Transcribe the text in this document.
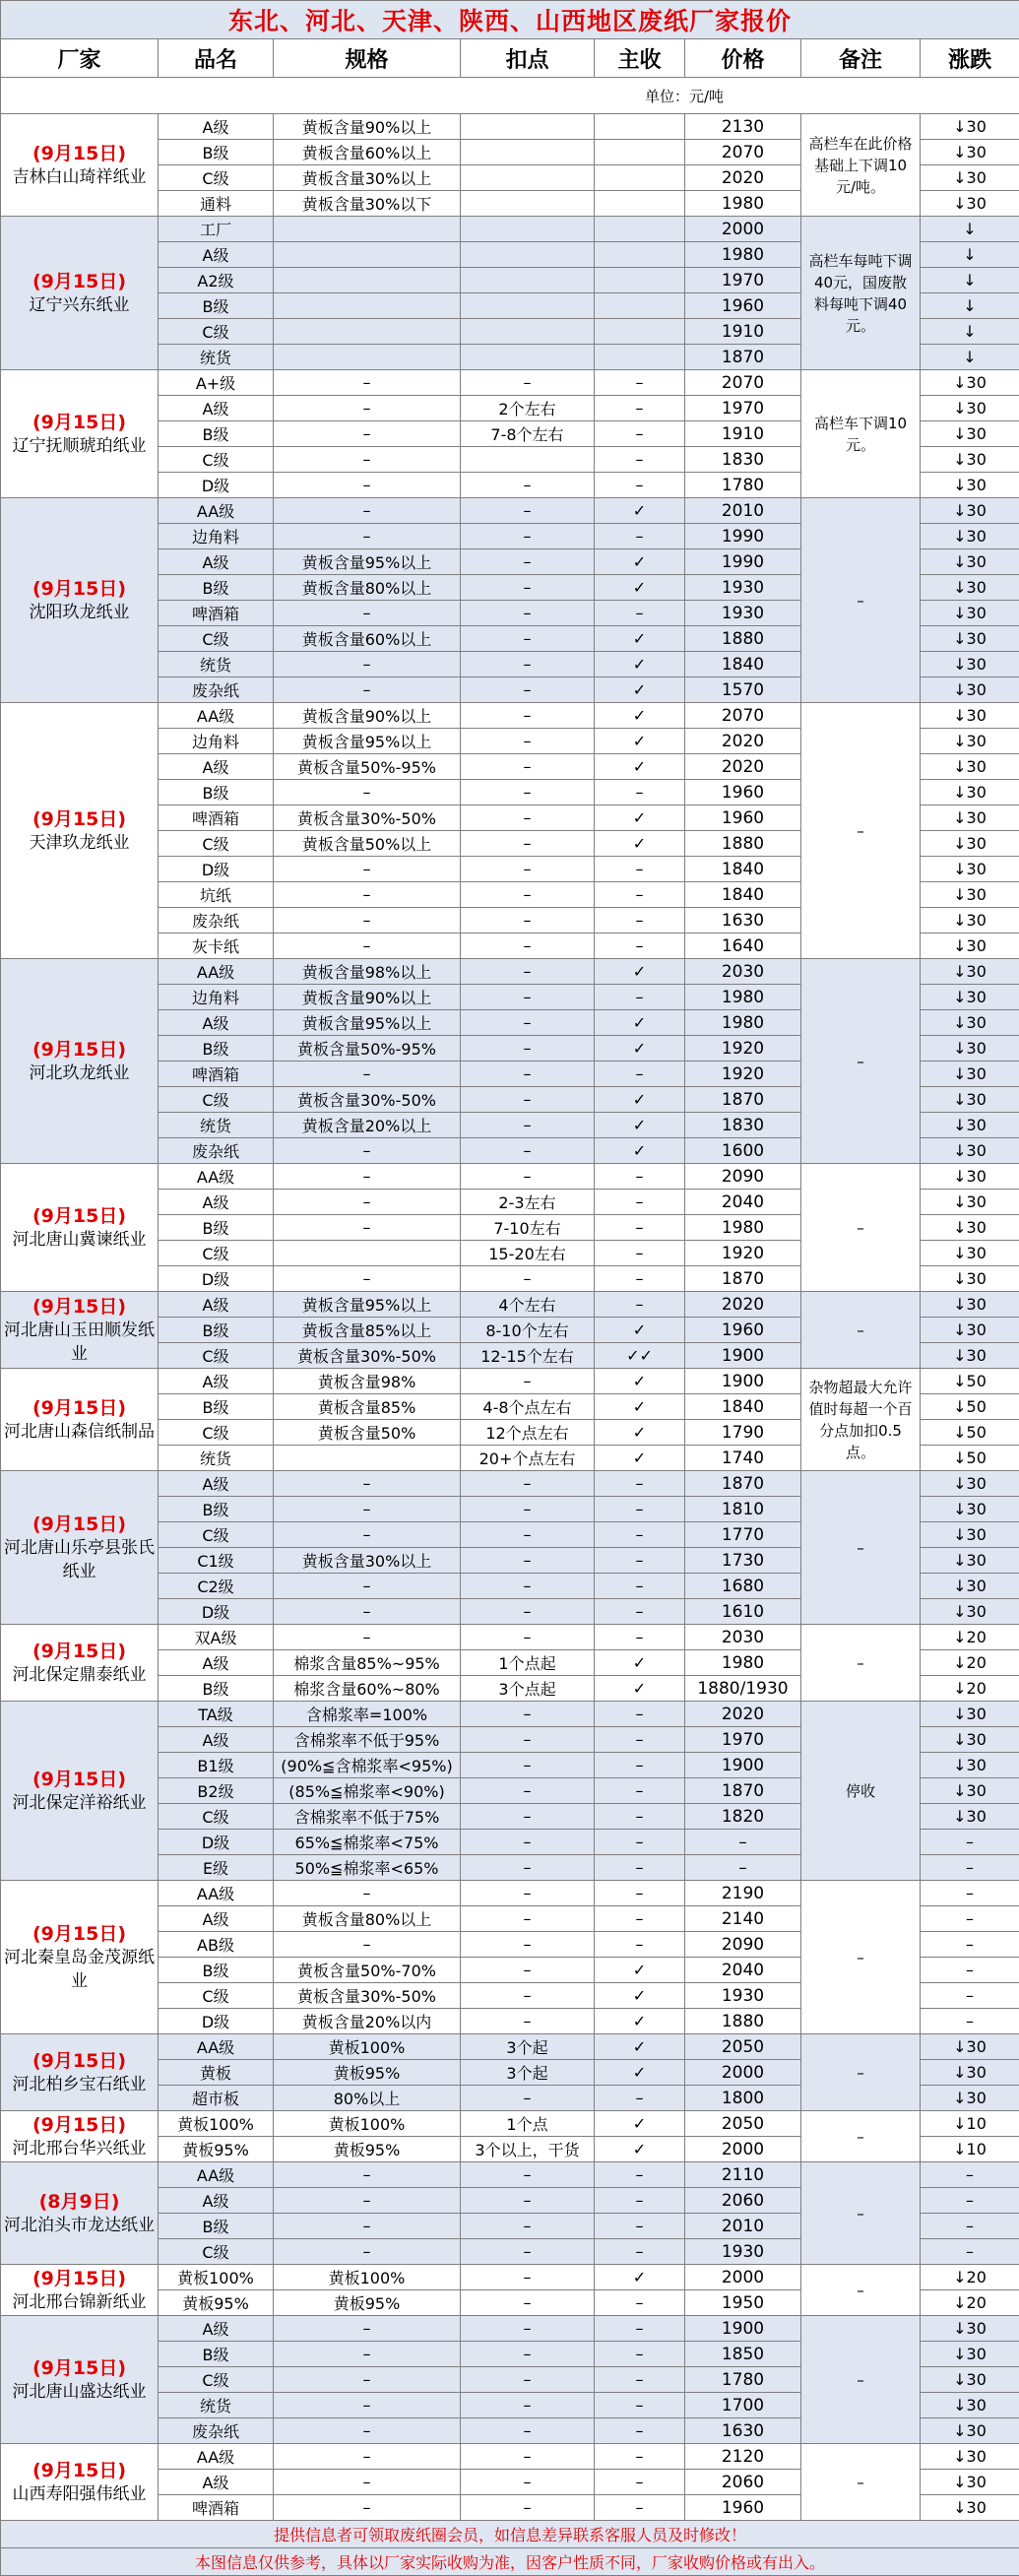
东北、河北、天津、陕西、山西地区废纸厂家报价							
厂家	品名	规格	扣点	主收	价格	备注	涨跌
单位：元/吨							

(9月15日)
吉林白山琦祥纸业	A级	黄板含量90%以上			2130	高栏车在此价格基础上下调10元/吨。	↓30
	B级	黄板含量60%以上			2070		↓30
	C级	黄板含量30%以上			2020		↓30
	通料	黄板含量30%以下			1980		↓30

(9月15日)
辽宁兴东纸业	工厂				2000	高栏车每吨下调40元，国废散料每吨下调40元。	↓
	A级				1980		↓
	A2级				1970		↓
	B级				1960		↓
	C级				1910		↓
	统货				1870		↓

(9月15日)
辽宁抚顺琥珀纸业	A+级	–	–	–	2070	高栏车下调10元。	↓30
	A级	–	2个左右	–	1970		↓30
	B级	–	7-8个左右	–	1910		↓30
	C级	–		–	1830		↓30
	D级	–	–	–	1780		↓30

(9月15日)
沈阳玖龙纸业	AA级	–	–	✓	2010	–	↓30
	边角料	–	–	–	1990		↓30
	A级	黄板含量95%以上	–	✓	1990		↓30
	B级	黄板含量80%以上	–	✓	1930		↓30
	啤酒箱	–	–	–	1930		↓30
	C级	黄板含量60%以上	–	✓	1880		↓30
	统货	–	–	✓	1840		↓30
	废杂纸	–	–	✓	1570		↓30

(9月15日)
天津玖龙纸业	AA级	黄板含量90%以上	–	✓	2070	–	↓30
	边角料	黄板含量95%以上	–	✓	2020		↓30
	A级	黄板含量50%-95%	–	✓	2020		↓30
	B级	–	–	–	1960		↓30
	啤酒箱	黄板含量30%-50%	–	✓	1960		↓30
	C级	黄板含量50%以上	–	✓	1880		↓30
	D级	–	–	–	1840		↓30
	坑纸	–	–	–	1840		↓30
	废杂纸	–	–	–	1630		↓30
	灰卡纸	–	–	–	1640		↓30

(9月15日)
河北玖龙纸业	AA级	黄板含量98%以上	–	✓	2030	–	↓30
	边角料	黄板含量90%以上	–	–	1980		↓30
	A级	黄板含量95%以上	–	✓	1980		↓30
	B级	黄板含量50%-95%	–	✓	1920		↓30
	啤酒箱	–	–	–	1920		↓30
	C级	黄板含量30%-50%	–	✓	1870		↓30
	统货	黄板含量20%以上	–	✓	1830		↓30
	废杂纸	–	–	✓	1600		↓30

(9月15日)
河北唐山冀谏纸业	AA级	–	–	–	2090	–	↓30
	A级	–	2-3左右	–	2040		↓30
	B级	–	7-10左右	–	1980		↓30
	C级		15-20左右	–	1920		↓30
	D级	–	–	–	1870		↓30

(9月15日)
河北唐山玉田顺发纸业	A级	黄板含量95%以上	4个左右	–	2020	–	↓30
	B级	黄板含量85%以上	8-10个左右	✓	1960		↓30
	C级	黄板含量30%-50%	12-15个左右	✓✓	1900		↓30

(9月15日)
河北唐山森信纸制品	A级	黄板含量98%	–	✓	1900	杂物超最大允许值时每超一个百分点加扣0.5点。	↓50
	B级	黄板含量85%	4-8个点左右	✓	1840		↓50
	C级	黄板含量50%	12个点左右	✓	1790		↓50
	统货		20+个点左右	✓	1740		↓50

(9月15日)
河北唐山乐亭县张氏纸业	A级	–	–	–	1870	–	↓30
	B级	–	–	–	1810		↓30
	C级	–	–	–	1770		↓30
	C1级	黄板含量30%以上	–	–	1730		↓30
	C2级	–	–	–	1680		↓30
	D级	–	–	–	1610		↓30

(9月15日)
河北保定鼎泰纸业	双A级	–	–	–	2030	–	↓20
	A级	棉浆含量85%~95%	1个点起	✓	1980		↓20
	B级	棉浆含量60%~80%	3个点起	✓	1880/1930		↓20

(9月15日)
河北保定洋裕纸业	TA级	含棉浆率=100%	–	–	2020	停收	↓30
	A级	含棉浆率不低于95%	–	–	1970		↓30
	B1级	(90%≦含棉浆率<95%)	–	–	1900		↓30
	B2级	(85%≦棉浆率<90%)	–	–	1870		↓30
	C级	含棉浆率不低于75%	–	–	1820		↓30
	D级	65%≦棉浆率<75%	–	–	–		–
	E级	50%≦棉浆率<65%	–	–	–		–

(9月15日)
河北秦皇岛金茂源纸业	AA级	–	–	–	2190	–	–
	A级	黄板含量80%以上	–	–	2140		–
	AB级	–	–	–	2090		–
	B级	黄板含量50%-70%	–	✓	2040		–
	C级	黄板含量30%-50%	–	✓	1930		–
	D级	黄板含量20%以内	–	✓	1880		–

(9月15日)
河北柏乡宝石纸业	AA级	黄板100%	3个起	✓	2050	–	↓30
	黄板	黄板95%	3个起	✓	2000		↓30
	超市板	80%以上	–	–	1800		↓30

(9月15日)
河北邢台华兴纸业	黄板100%	黄板100%	1个点	✓	2050	–	↓10
	黄板95%	黄板95%	3个以上，干货	✓	2000		↓10

(8月9日)
河北泊头市龙达纸业	AA级	–	–	–	2110	–	–
	A级	–	–	–	2060		–
	B级	–	–	–	2010		–
	C级	–	–	–	1930		–

(9月15日)
河北邢台锦新纸业	黄板100%	黄板100%	–	✓	2000	–	↓20
	黄板95%	黄板95%	–	–	1950		↓20

(9月15日)
河北唐山盛达纸业	A级	–	–	–	1900	–	↓30
	B级	–	–	–	1850		↓30
	C级	–	–	–	1780		↓30
	统货	–	–	–	1700		↓30
	废杂纸	–	–	–	1630		↓30

(9月15日)
山西寿阳强伟纸业	AA级	–	–	–	2120	–	↓30
	A级	–	–	–	2060		↓30
	啤酒箱	–	–	–	1960		↓30
提供信息者可领取废纸圈会员，如信息差异联系客服人员及时修改！							
本图信息仅供参考，具体以厂家实际收购为准，因客户性质不同，厂家收购价格或有出入。							
